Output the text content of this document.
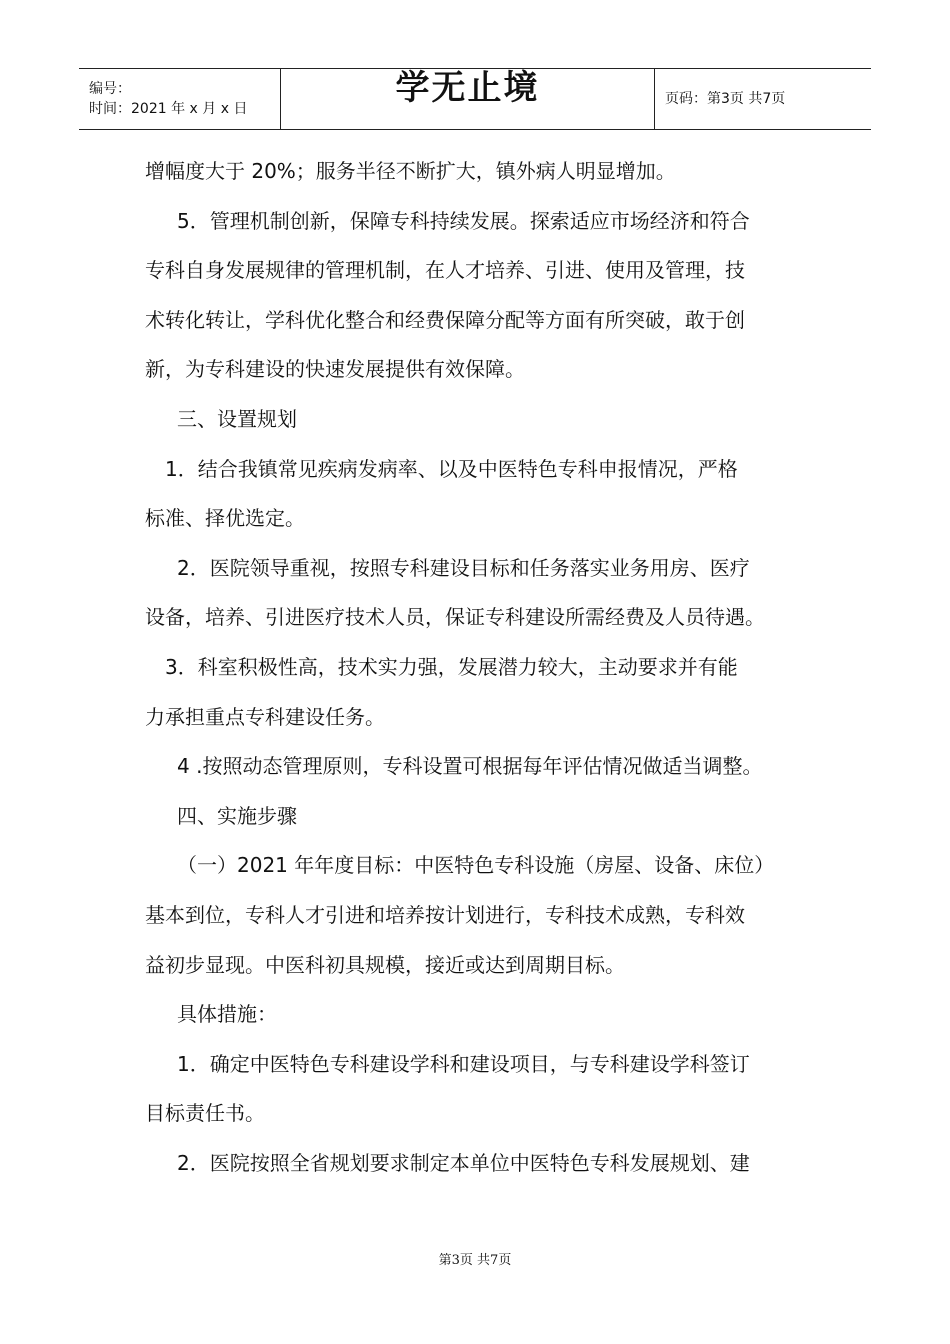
编号：
时间：2021 年 x 月 x 日
学无止境	页码：第3页 共7页

增幅度大于 20%；服务半径不断扩大，镇外病人明显增加。

5．管理机制创新，保障专科持续发展。探索适应市场经济和符合

专科自身发展规律的管理机制，在人才培养、引进、使用及管理，技

术转化转让，学科优化整合和经费保障分配等方面有所突破，敢于创

新，为专科建设的快速发展提供有效保障。

三、设置规划

1．结合我镇常见疾病发病率、以及中医特色专科申报情况，严格

标准、择优选定。

2．医院领导重视，按照专科建设目标和任务落实业务用房、医疗

设备，培养、引进医疗技术人员，保证专科建设所需经费及人员待遇。

3．科室积极性高，技术实力强，发展潜力较大，主动要求并有能

力承担重点专科建设任务。

4 .按照动态管理原则，专科设置可根据每年评估情况做适当调整。

四、实施步骤

（一）2021 年年度目标：中医特色专科设施（房屋、设备、床位）

基本到位，专科人才引进和培养按计划进行，专科技术成熟，专科效

益初步显现。中医科初具规模，接近或达到周期目标。

具体措施：

1．确定中医特色专科建设学科和建设项目，与专科建设学科签订

目标责任书。

2．医院按照全省规划要求制定本单位中医特色专科发展规划、建

第3页 共7页
